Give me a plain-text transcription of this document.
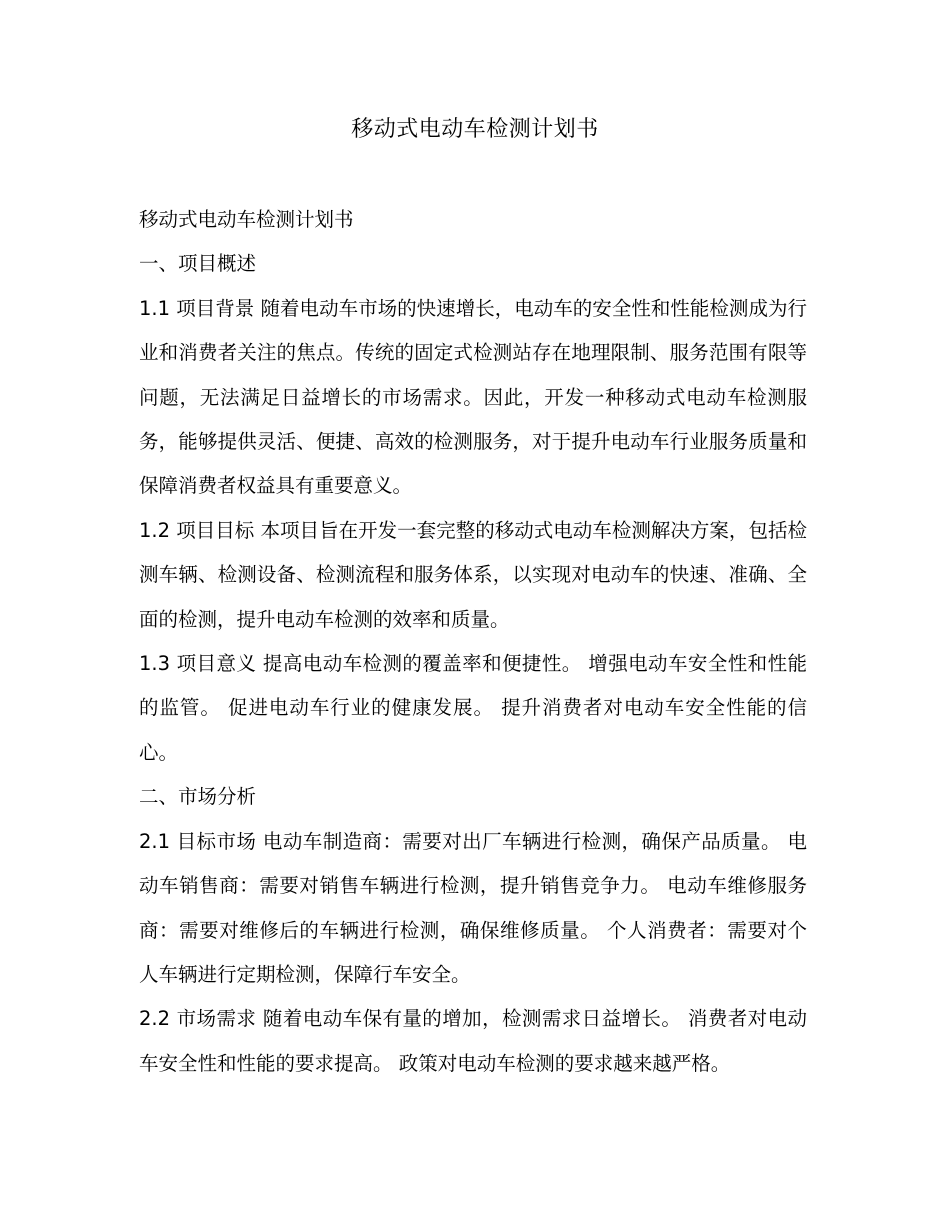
移动式电动车检测计划书

移动式电动车检测计划书

一、项目概述

1.1 项目背景 随着电动车市场的快速增长，电动车的安全性和性能检测成为行业和消费者关注的焦点。传统的固定式检测站存在地理限制、服务范围有限等问题，无法满足日益增长的市场需求。因此，开发一种移动式电动车检测服务，能够提供灵活、便捷、高效的检测服务，对于提升电动车行业服务质量和保障消费者权益具有重要意义。

1.2 项目目标 本项目旨在开发一套完整的移动式电动车检测解决方案，包括检测车辆、检测设备、检测流程和服务体系，以实现对电动车的快速、准确、全面的检测，提升电动车检测的效率和质量。

1.3 项目意义 提高电动车检测的覆盖率和便捷性。 增强电动车安全性和性能的监管。 促进电动车行业的健康发展。 提升消费者对电动车安全性能的信心。

二、市场分析

2.1 目标市场 电动车制造商：需要对出厂车辆进行检测，确保产品质量。 电动车销售商：需要对销售车辆进行检测，提升销售竞争力。 电动车维修服务商：需要对维修后的车辆进行检测，确保维修质量。 个人消费者：需要对个人车辆进行定期检测，保障行车安全。

2.2 市场需求 随着电动车保有量的增加，检测需求日益增长。 消费者对电动车安全性和性能的要求提高。 政策对电动车检测的要求越来越严格。
